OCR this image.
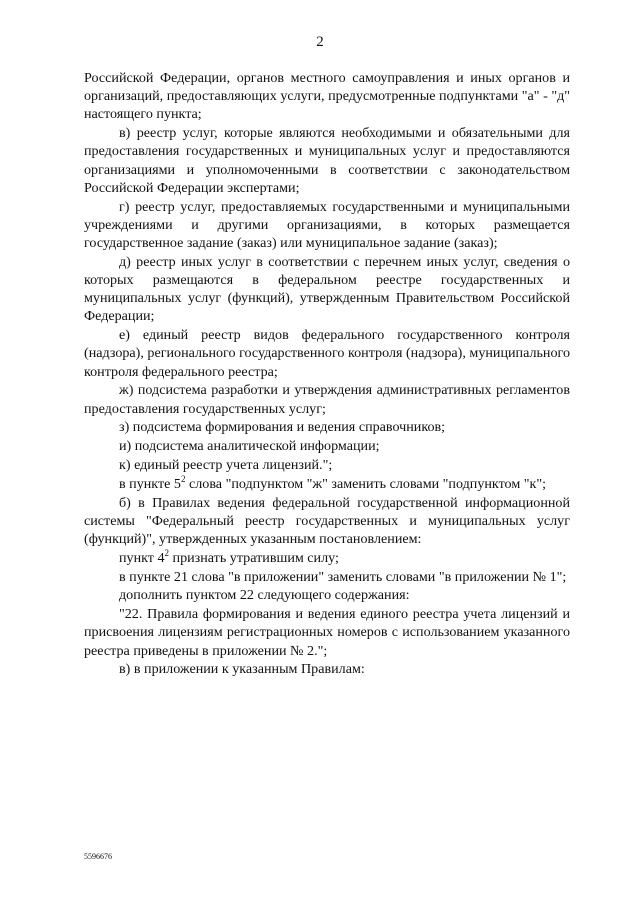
2

Российской Федерации, органов местного самоуправления и иных органов и организаций, предоставляющих услуги, предусмотренные подпунктами "а" - "д" настоящего пункта;

в) реестр услуг, которые являются необходимыми и обязательными для предоставления государственных и муниципальных услуг и предоставляются организациями и уполномоченными в соответствии с законодательством Российской Федерации экспертами;

г) реестр услуг, предоставляемых государственными и муниципальными учреждениями и другими организациями, в которых размещается государственное задание (заказ) или муниципальное задание (заказ);

д) реестр иных услуг в соответствии с перечнем иных услуг, сведения о которых размещаются в федеральном реестре государственных и муниципальных услуг (функций), утвержденным Правительством Российской Федерации;

е) единый реестр видов федерального государственного контроля (надзора), регионального государственного контроля (надзора), муниципального контроля федерального реестра;

ж) подсистема разработки и утверждения административных регламентов предоставления государственных услуг;

з) подсистема формирования и ведения справочников;

и) подсистема аналитической информации;

к) единый реестр учета лицензий.";

в пункте $5^2$ слова "подпунктом "ж" заменить словами "подпунктом "к";

б) в Правилах ведения федеральной государственной информационной системы "Федеральный реестр государственных и муниципальных услуг (функций)", утвержденных указанным постановлением:

пункт $4^2$ признать утратившим силу;

в пункте 21 слова "в приложении" заменить словами "в приложении № 1";

дополнить пунктом 22 следующего содержания:

"22. Правила формирования и ведения единого реестра учета лицензий и присвоения лицензиям регистрационных номеров с использованием указанного реестра приведены в приложении № 2.";

в) в приложении к указанным Правилам:

5596676
